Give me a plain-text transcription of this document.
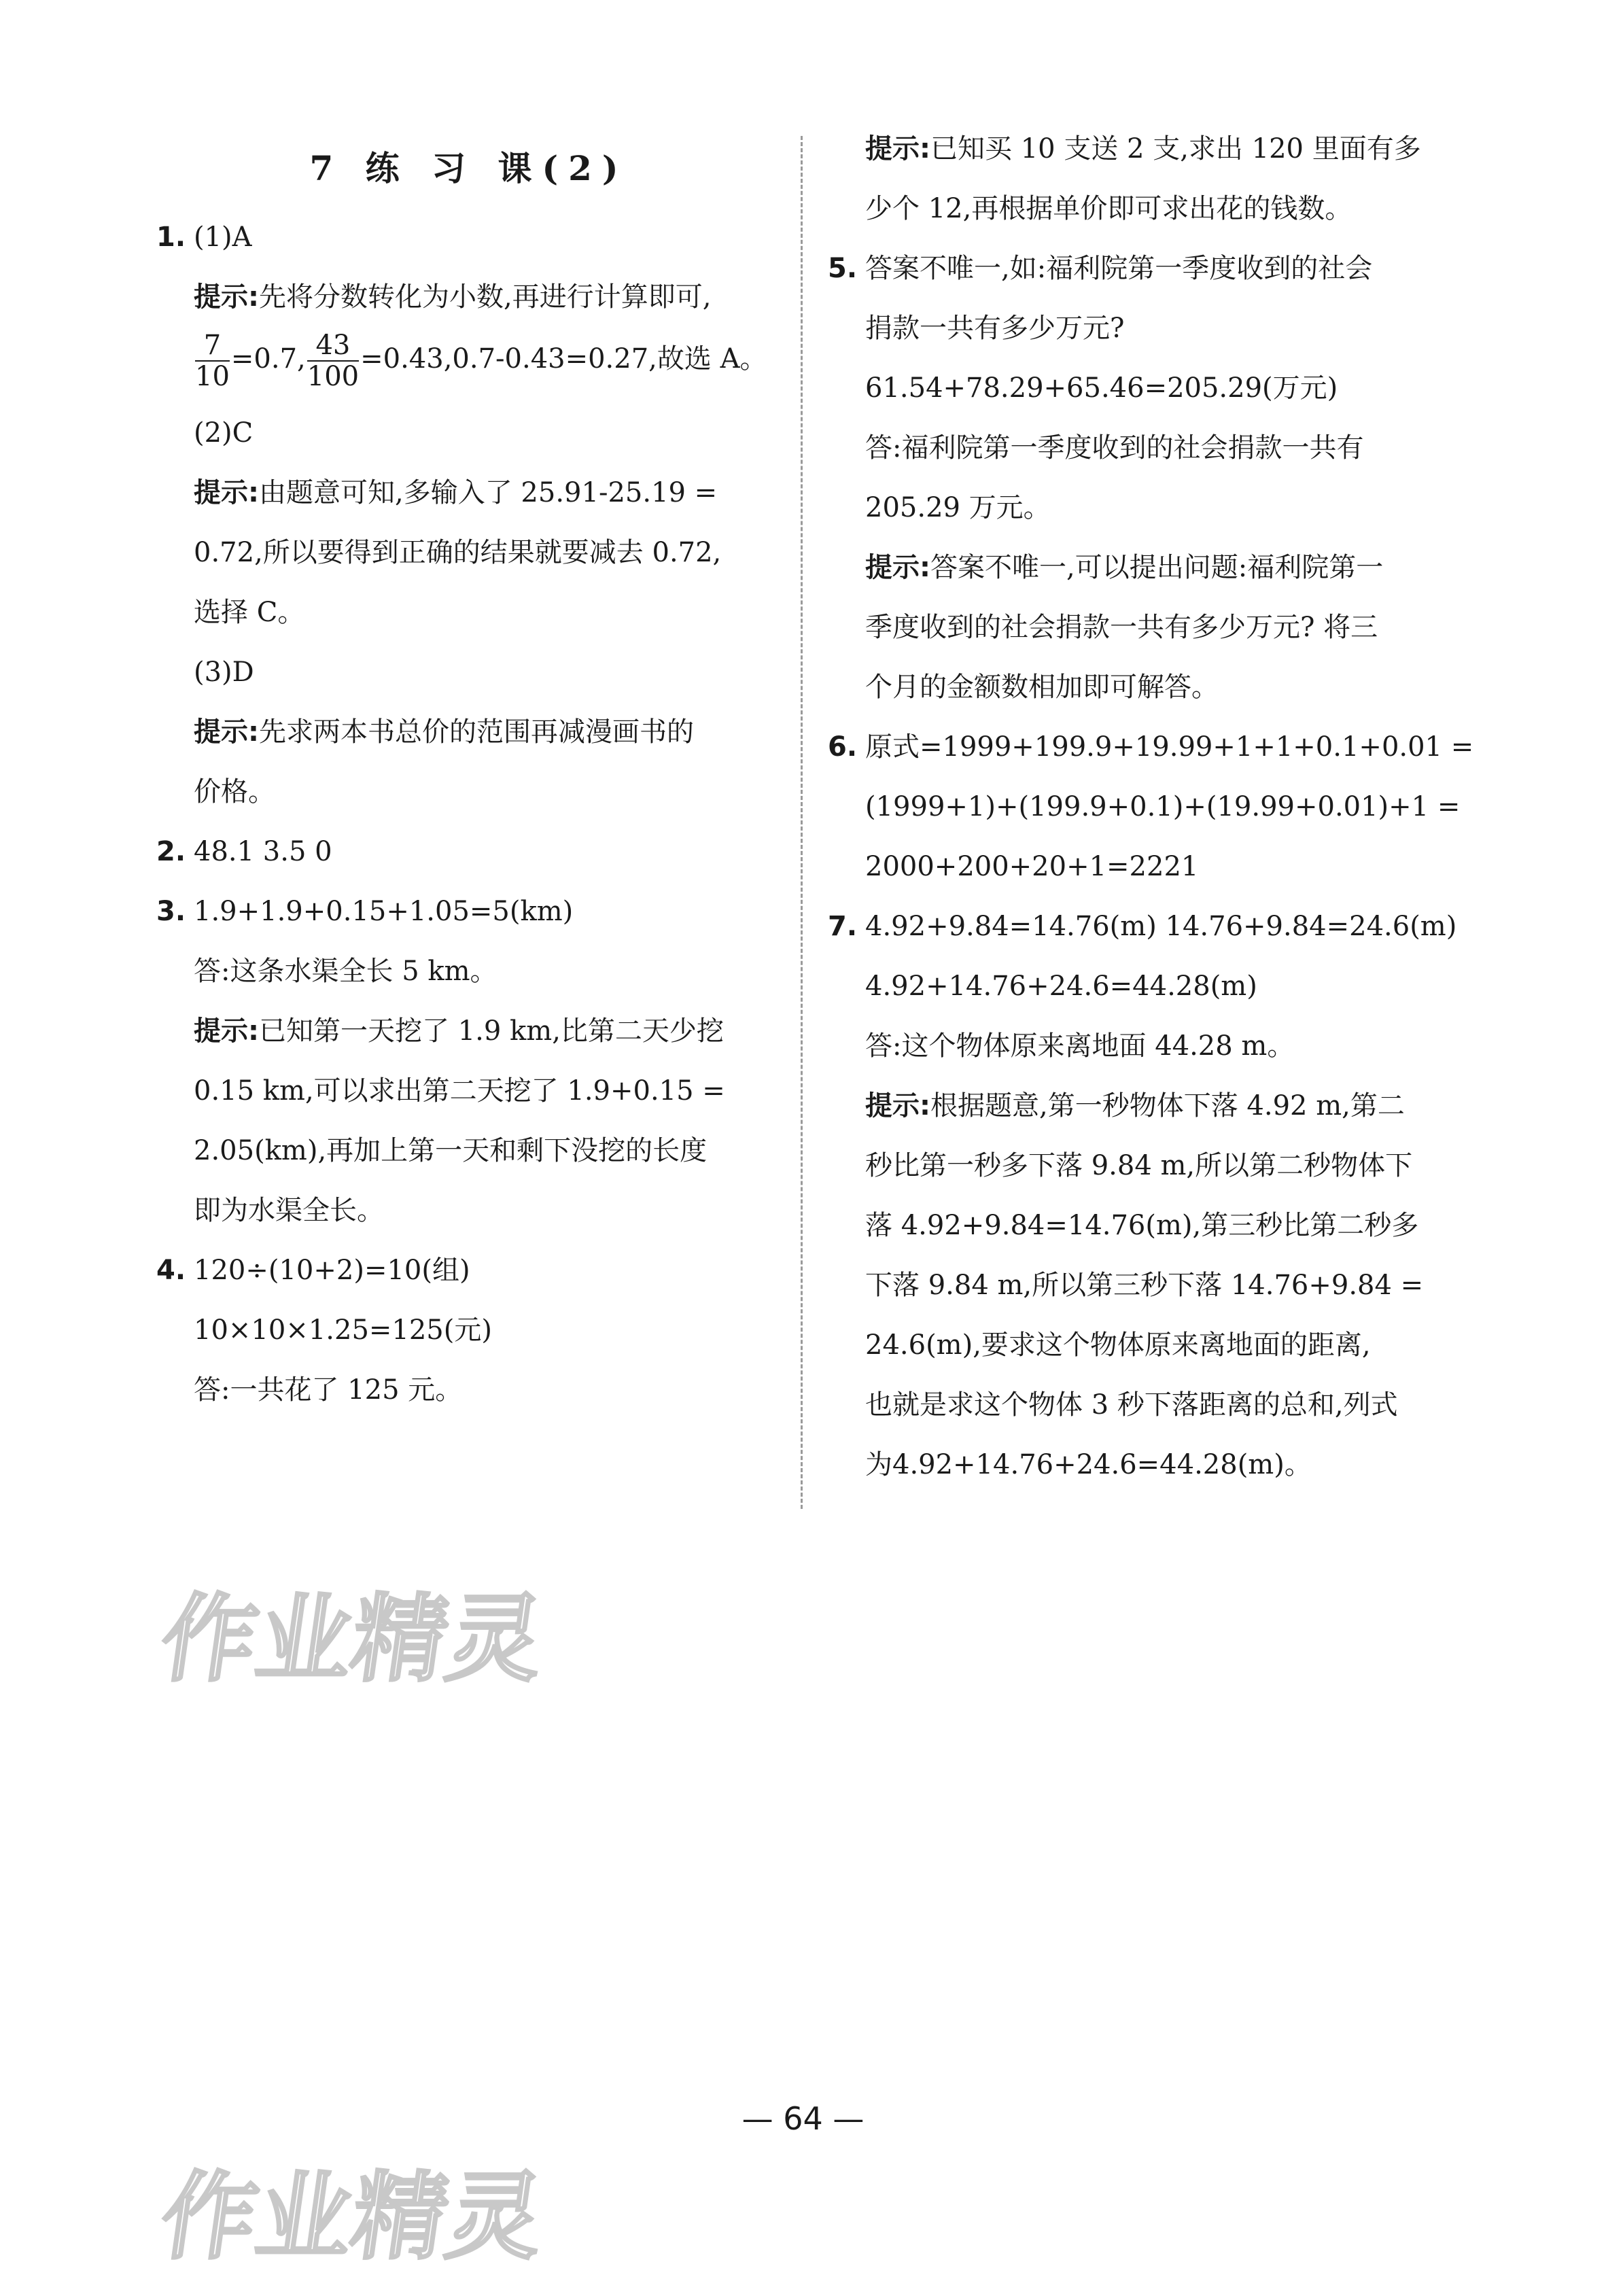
7 练 习 课(2)
1. (1)A
提示:先将分数转化为小数,再进行计算即可,
$\frac{7}{10} =0.7$, $\frac{43}{100} =0.43,0.7-0.43=0.27$,故选 A。
(2)C
提示:由题意可知,多输入了 25.91-25.19 =
0.72,所以要得到正确的结果就要减去 0.72,
选择 C。
(3)D
提示:先求两本书总价的范围再减漫画书的
价格。
2. 48.1 3.5 0
3. 1.9+1.9+0.15+1.05=5(km)
答:这条水渠全长 5 km。
提示:已知第一天挖了 1.9 km,比第二天少挖
0.15 km,可以求出第二天挖了 1.9+0.15 =
2.05(km),再加上第一天和剩下没挖的长度
即为水渠全长。
4. 120÷(10+2)=10(组)
10×10×1.25=125(元)
答:一共花了 125 元。
提示:已知买 10 支送 2 支,求出 120 里面有多
少个 12,再根据单价即可求出花的钱数。
5. 答案不唯一,如:福利院第一季度收到的社会
捐款一共有多少万元?
61.54+78.29+65.46=205.29(万元)
答:福利院第一季度收到的社会捐款一共有
205.29 万元。
提示:答案不唯一,可以提出问题:福利院第一
季度收到的社会捐款一共有多少万元? 将三
个月的金额数相加即可解答。
6. 原式=1999+199.9+19.99+1+1+0.1+0.01 =
(1999+1)+(199.9+0.1)+(19.99+0.01)+1 =
2000+200+20+1=2221
7. 4.92+9.84=14.76(m) 14.76+9.84=24.6(m)
4.92+14.76+24.6=44.28(m)
答:这个物体原来离地面 44.28 m。
提示:根据题意,第一秒物体下落 4.92 m,第二
秒比第一秒多下落 9.84 m,所以第二秒物体下
落 4.92+9.84=14.76(m),第三秒比第二秒多
下落 9.84 m,所以第三秒下落 14.76+9.84 =
24.6(m),要求这个物体原来离地面的距离,
也就是求这个物体 3 秒下落距离的总和,列式
为4.92+14.76+24.6=44.28(m)。
作业精灵
— 64 —
作业精灵
